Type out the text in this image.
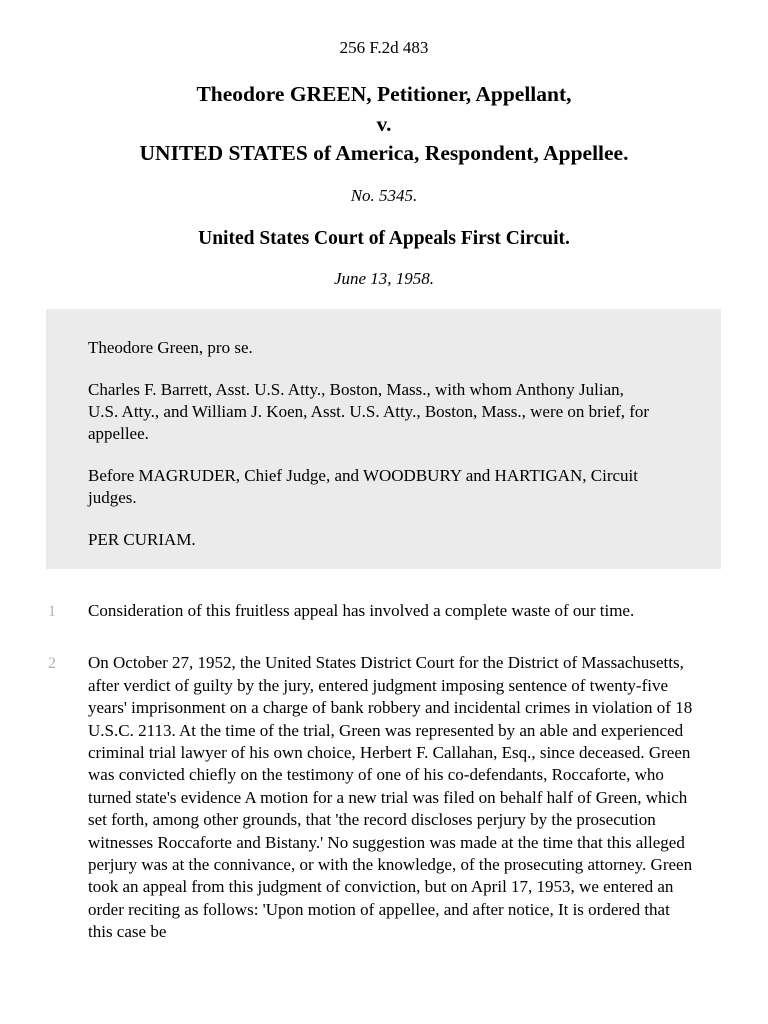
256 F.2d 483
Theodore GREEN, Petitioner, Appellant,
v.
UNITED STATES of America, Respondent, Appellee.
No. 5345.
United States Court of Appeals First Circuit.
June 13, 1958.

Theodore Green, pro se.

Charles F. Barrett, Asst. U.S. Atty., Boston, Mass., with whom Anthony Julian, U.S. Atty., and William J. Koen, Asst. U.S. Atty., Boston, Mass., were on brief, for appellee.

Before MAGRUDER, Chief Judge, and WOODBURY and HARTIGAN, Circuit judges.

PER CURIAM.

1 Consideration of this fruitless appeal has involved a complete waste of our time.

2 On October 27, 1952, the United States District Court for the District of Massachusetts, after verdict of guilty by the jury, entered judgment imposing sentence of twenty-five years' imprisonment on a charge of bank robbery and incidental crimes in violation of 18 U.S.C. 2113. At the time of the trial, Green was represented by an able and experienced criminal trial lawyer of his own choice, Herbert F. Callahan, Esq., since deceased. Green was convicted chiefly on the testimony of one of his co-defendants, Roccaforte, who turned state's evidence A motion for a new trial was filed on behalf half of Green, which set forth, among other grounds, that 'the record discloses perjury by the prosecution witnesses Roccaforte and Bistany.' No suggestion was made at the time that this alleged perjury was at the connivance, or with the knowledge, of the prosecuting attorney. Green took an appeal from this judgment of conviction, but on April 17, 1953, we entered an order reciting as follows: 'Upon motion of appellee, and after notice, It is ordered that this case be
